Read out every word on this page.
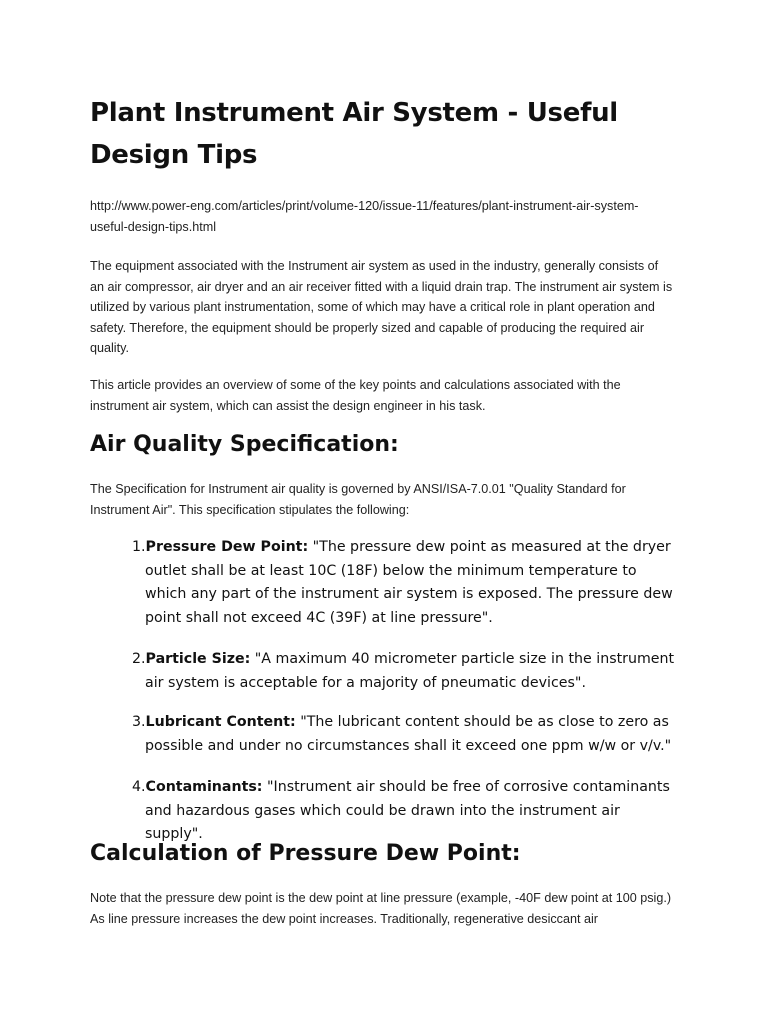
Plant Instrument Air System - Useful Design Tips

http://www.power-eng.com/articles/print/volume-120/issue-11/features/plant-instrument-air-system-useful-design-tips.html

The equipment associated with the Instrument air system as used in the industry, generally consists of an air compressor, air dryer and an air receiver fitted with a liquid drain trap. The instrument air system is utilized by various plant instrumentation, some of which may have a critical role in plant operation and safety. Therefore, the equipment should be properly sized and capable of producing the required air quality.

This article provides an overview of some of the key points and calculations associated with the instrument air system, which can assist the design engineer in his task.

Air Quality Specification:

The Specification for Instrument air quality is governed by ANSI/ISA-7.0.01 "Quality Standard for Instrument Air". This specification stipulates the following:

1.Pressure Dew Point: "The pressure dew point as measured at the dryer outlet shall be at least 10C (18F) below the minimum temperature to which any part of the instrument air system is exposed. The pressure dew point shall not exceed 4C (39F) at line pressure".
2.Particle Size: "A maximum 40 micrometer particle size in the instrument air system is acceptable for a majority of pneumatic devices".
3.Lubricant Content: "The lubricant content should be as close to zero as possible and under no circumstances shall it exceed one ppm w/w or v/v."
4.Contaminants: "Instrument air should be free of corrosive contaminants and hazardous gases which could be drawn into the instrument air supply".
Calculation of Pressure Dew Point:

Note that the pressure dew point is the dew point at line pressure (example, -40F dew point at 100 psig.) As line pressure increases the dew point increases. Traditionally, regenerative desiccant air
